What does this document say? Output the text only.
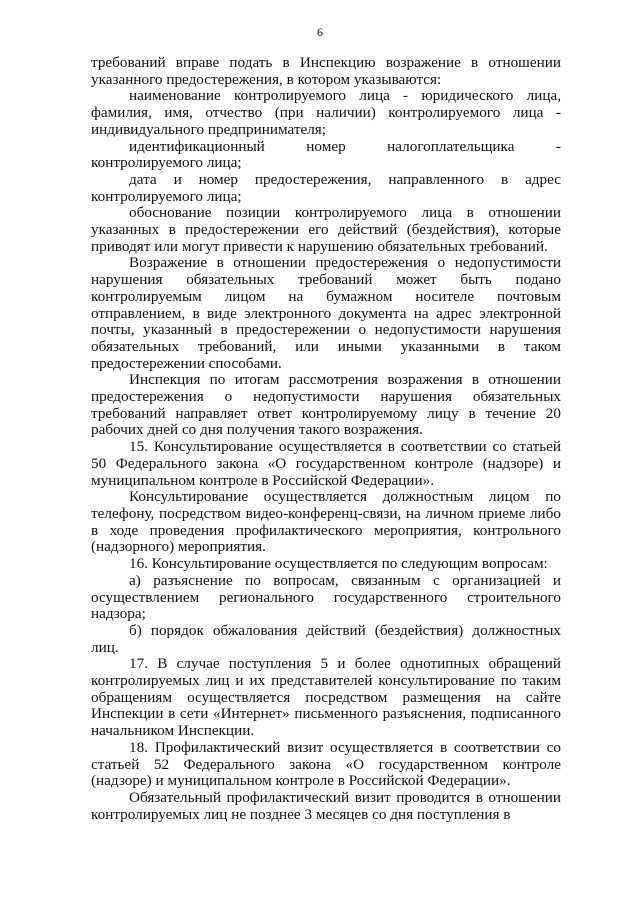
6

требований вправе подать в Инспекцию возражение в отношении указанного предостережения, в котором указываются:

наименование контролируемого лица - юридического лица, фамилия, имя, отчество (при наличии) контролируемого лица - индивидуального предпринимателя;

идентификационный номер налогоплательщика - контролируемого лица;

дата и номер предостережения, направленного в адрес контролируемого лица;

обоснование позиции контролируемого лица в отношении указанных в предостережении его действий (бездействия), которые приводят или могут привести к нарушению обязательных требований.

Возражение в отношении предостережения о недопустимости нарушения обязательных требований может быть подано контролируемым лицом на бумажном носителе почтовым отправлением, в виде электронного документа на адрес электронной почты, указанный в предостережении о недопустимости нарушения обязательных требований, или иными указанными в таком предостережении способами.

Инспекция по итогам рассмотрения возражения в отношении предостережения о недопустимости нарушения обязательных требований направляет ответ контролируемому лицу в течение 20 рабочих дней со дня получения такого возражения.

15. Консультирование осуществляется в соответствии со статьей 50 Федерального закона «О государственном контроле (надзоре) и муниципальном контроле в Российской Федерации».

Консультирование осуществляется должностным лицом по телефону, посредством видео-конференц-связи, на личном приеме либо в ходе проведения профилактического мероприятия, контрольного (надзорного) мероприятия.

16. Консультирование осуществляется по следующим вопросам:

а) разъяснение по вопросам, связанным с организацией и осуществлением регионального государственного строительного надзора;

б) порядок обжалования действий (бездействия) должностных лиц.

17. В случае поступления 5 и более однотипных обращений контролируемых лиц и их представителей консультирование по таким обращениям осуществляется посредством размещения на сайте Инспекции в сети «Интернет» письменного разъяснения, подписанного начальником Инспекции.

18. Профилактический визит осуществляется в соответствии со статьей 52 Федерального закона «О государственном контроле (надзоре) и муниципальном контроле в Российской Федерации».

Обязательный профилактический визит проводится в отношении контролируемых лиц не позднее 3 месяцев со дня поступления в
